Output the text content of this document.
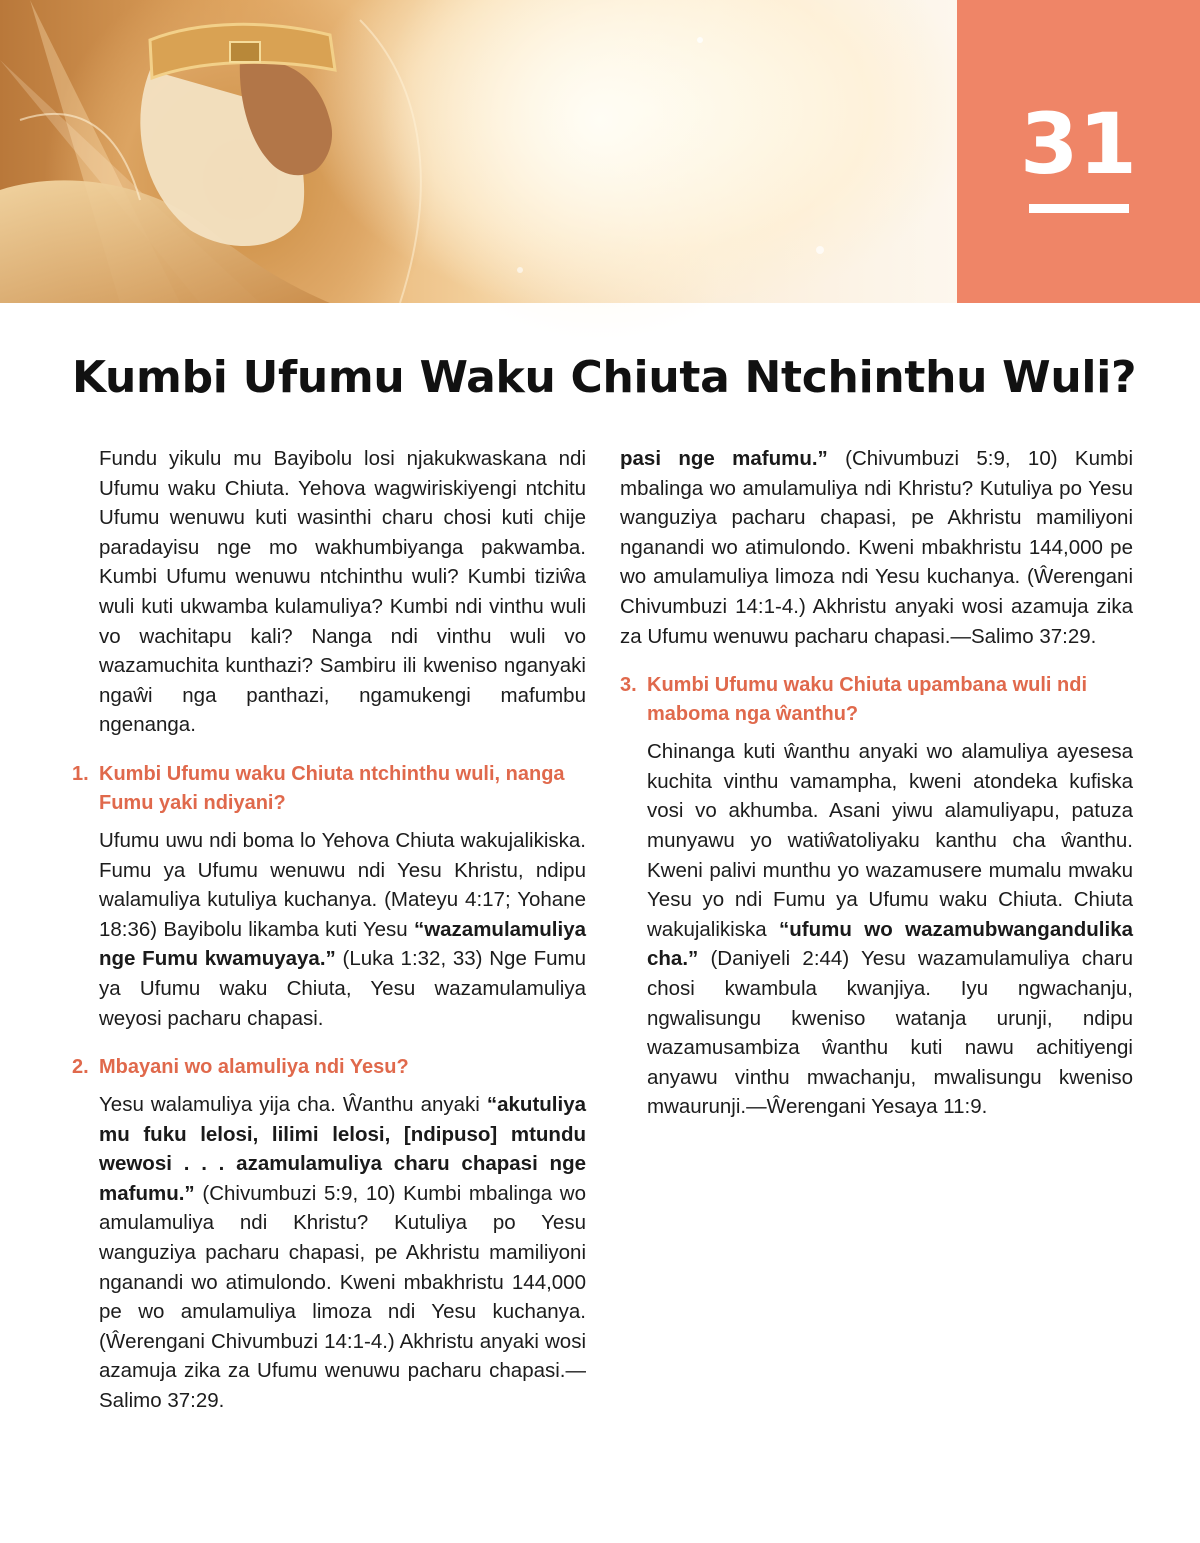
31
Kumbi Ufumu Waku Chiuta Ntchinthu Wuli?

Fundu yikulu mu Bayibolu losi njakukwaskana ndi Ufumu waku Chiuta. Yehova wagwiriskiyengi ntchitu Ufumu wenuwu kuti wasinthi charu chosi kuti chije paradayisu nge mo wakhumbiyanga pakwamba. Kumbi Ufumu wenuwu ntchinthu wuli? Kumbi tiziŵa wuli kuti ukwamba kulamuliya? Kumbi ndi vinthu wuli vo wachitapu kali? Nanga ndi vinthu wuli vo wazamuchita kunthazi? Sambiru ili kweniso nganyaki ngaŵi nga panthazi, ngamukengi mafumbu ngenanga.

1. Kumbi Ufumu waku Chiuta ntchinthu wuli, nanga Fumu yaki ndiyani?

Ufumu uwu ndi boma lo Yehova Chiuta wakujalikiska. Fumu ya Ufumu wenuwu ndi Yesu Khristu, ndipu walamuliya kutuliya kuchanya. (Mateyu 4:17; Yohane 18:36) Bayibolu likamba kuti Yesu “wazamulamuliya nge Fumu kwamuyaya.” (Luka 1:32, 33) Nge Fumu ya Ufumu waku Chiuta, Yesu wazamulamuliya weyosi pacharu chapasi.

2. Mbayani wo alamuliya ndi Yesu?

Yesu walamuliya yija cha. Ŵanthu anyaki “akutuliya mu fuku lelosi, lilimi lelosi, [ndipuso] mtundu wewosi . . . azamulamuliya charu chapasi nge mafumu.” (Chivumbuzi 5:9, 10) Kumbi mbalinga wo amulamuliya ndi Khristu? Kutuliya po Yesu wanguziya pacharu chapasi, pe Akhristu mamiliyoni nganandi wo atimulondo. Kweni mbakhristu 144,000 pe wo amulamuliya limoza ndi Yesu kuchanya. (Ŵerengani Chivumbuzi 14:1-4.) Akhristu anyaki wosi azamuja zika za Ufumu wenuwu pacharu chapasi.—Salimo 37:29.

pasi nge mafumu.” (Chivumbuzi 5:9, 10) Kumbi mbalinga wo amulamuliya ndi Khristu? Kutuliya po Yesu wanguziya pacharu chapasi, pe Akhristu mamiliyoni nganandi wo atimulondo. Kweni mbakhristu 144,000 pe wo amulamuliya limoza ndi Yesu kuchanya. (Ŵerengani Chivumbuzi 14:1-4.) Akhristu anyaki wosi azamuja zika za Ufumu wenuwu pacharu chapasi.—Salimo 37:29.

3. Kumbi Ufumu waku Chiuta upambana wuli ndi maboma nga ŵanthu?

Chinanga kuti ŵanthu anyaki wo alamuliya ayesesa kuchita vinthu vamampha, kweni atondeka kufiska vosi vo akhumba. Asani yiwu alamuliyapu, patuza munyawu yo watiŵatoliyaku kanthu cha ŵanthu. Kweni palivi munthu yo wazamusere mumalu mwaku Yesu yo ndi Fumu ya Ufumu waku Chiuta. Chiuta wakujalikiska “ufumu wo wazamubwangandulika cha.” (Daniyeli 2:44) Yesu wazamulamuliya charu chosi kwambula kwanjiya. Iyu ngwachanju, ngwalisungu kweniso watanja urunji, ndipu wazamusambiza ŵanthu kuti nawu achitiyengi anyawu vinthu mwachanju, mwalisungu kweniso mwaurunji.—Ŵerengani Yesaya 11:9.
